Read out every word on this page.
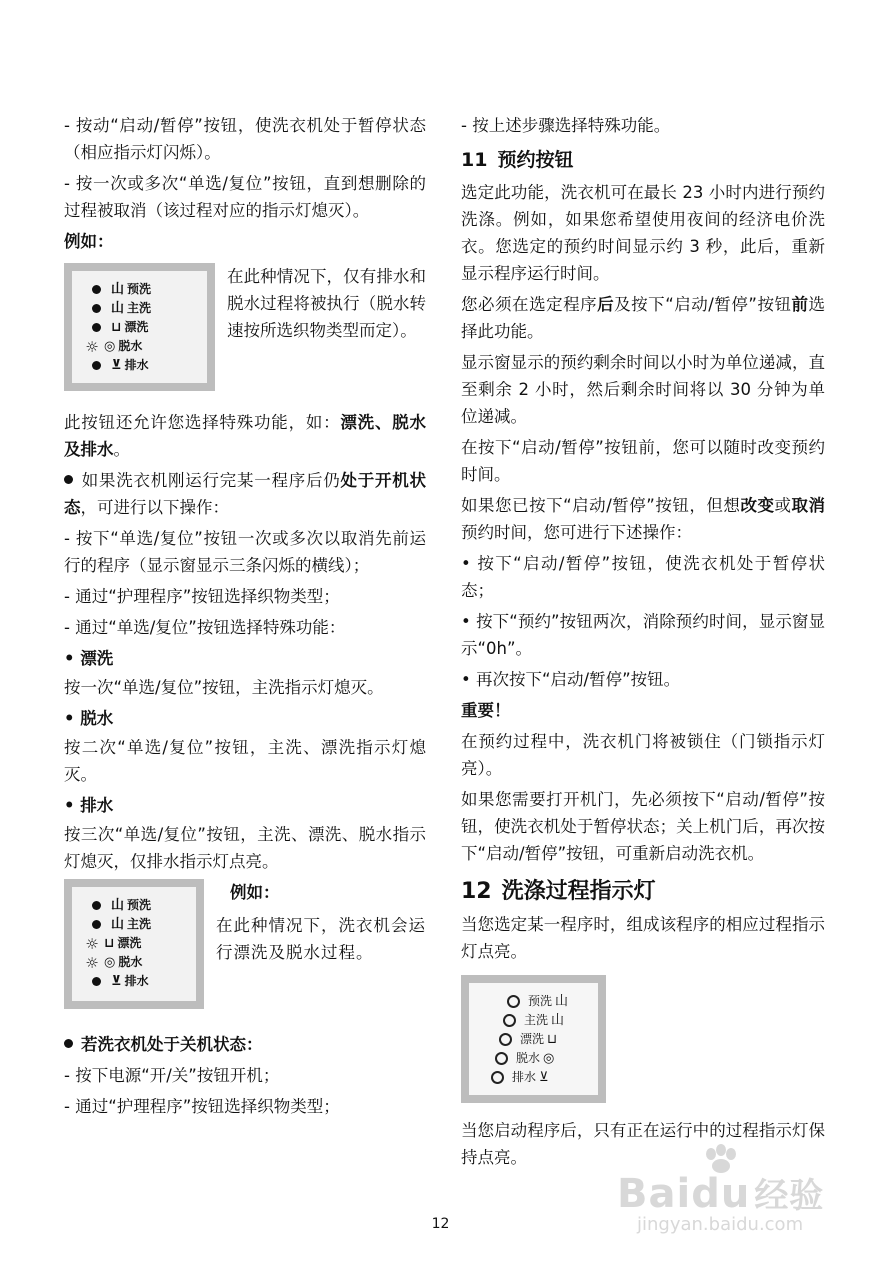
- 按动“启动/暂停”按钮，使洗衣机处于暂停状态（相应指示灯闪烁）。

- 按一次或多次“单选/复位”按钮，直到想删除的过程被取消（该过程对应的指示灯熄灭）。

例如：

山 预洗
山 主洗
⊔ 漂洗
☼ ◎ 脱水
⊻ 排水
在此种情况下，仅有排水和脱水过程将被执行（脱水转速按所选织物类型而定）。

此按钮还允许您选择特殊功能，如：漂洗、脱水及排水。

如果洗衣机刚运行完某一程序后仍处于开机状态，可进行以下操作：

- 按下“单选/复位”按钮一次或多次以取消先前运行的程序（显示窗显示三条闪烁的横线）；

- 通过“护理程序”按钮选择织物类型；

- 通过“单选/复位”按钮选择特殊功能：

• 漂洗

按一次“单选/复位”按钮，主洗指示灯熄灭。

• 脱水

按二次“单选/复位”按钮，主洗、漂洗指示灯熄灭。

• 排水

按三次“单选/复位”按钮，主洗、漂洗、脱水指示灯熄灭，仅排水指示灯点亮。

山 预洗
山 主洗
☼ ⊔ 漂洗
☼ ◎ 脱水
⊻ 排水
例如：
在此种情况下，洗衣机会运行漂洗及脱水过程。

若洗衣机处于关机状态：

- 按下电源“开/关”按钮开机；

- 通过“护理程序”按钮选择织物类型；

- 按上述步骤选择特殊功能。

11 预约按钮

选定此功能，洗衣机可在最长 23 小时内进行预约洗涤。例如，如果您希望使用夜间的经济电价洗衣。您选定的预约时间显示约 3 秒，此后，重新显示程序运行时间。

您必须在选定程序后及按下“启动/暂停”按钮前选择此功能。

显示窗显示的预约剩余时间以小时为单位递减，直至剩余 2 小时，然后剩余时间将以 30 分钟为单位递减。

在按下“启动/暂停”按钮前，您可以随时改变预约时间。

如果您已按下“启动/暂停”按钮，但想改变或取消预约时间，您可进行下述操作：

• 按下“启动/暂停”按钮，使洗衣机处于暂停状态；

• 按下“预约”按钮两次，消除预约时间，显示窗显示“0h”。

• 再次按下“启动/暂停”按钮。

重要！

在预约过程中，洗衣机门将被锁住（门锁指示灯亮）。

如果您需要打开机门，先必须按下“启动/暂停”按钮，使洗衣机处于暂停状态；关上机门后，再次按下“启动/暂停”按钮，可重新启动洗衣机。

12 洗涤过程指示灯

当您选定某一程序时，组成该程序的相应过程指示灯点亮。

预洗 山
主洗 山
漂洗 ⊔
脱水 ◎
排水 ⊻

当您启动程序后，只有正在运行中的过程指示灯保持点亮。

12
Baidu 经验
jingyan.baidu.com
